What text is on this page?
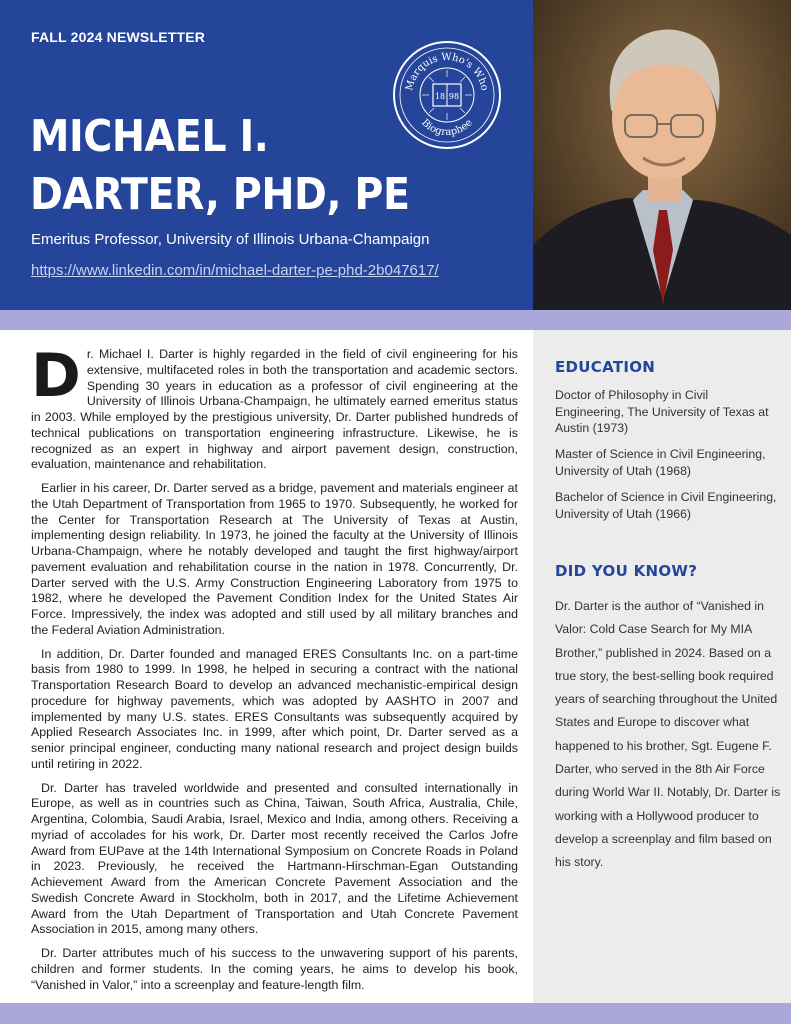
FALL 2024 NEWSLETTER
MICHAEL I.
DARTER, PHD, PE
Emeritus Professor, University of Illinois Urbana-Champaign
https://www.linkedin.com/in/michael-darter-pe-phd-2b047617/
18 98
Marquis Who's Who
Biographee

Dr. Michael I. Darter is highly regarded in the field of civil engineering for his extensive, multifaceted roles in both the transportation and academic sectors. Spending 30 years in education as a professor of civil engineering at the University of Illinois Urbana-Champaign, he ultimately earned emeritus status in 2003. While employed by the prestigious university, Dr. Darter published hundreds of technical publications on transportation engineering infrastructure. Likewise, he is recognized as an expert in highway and airport pavement design, construction, evaluation, maintenance and rehabilitation.

Earlier in his career, Dr. Darter served as a bridge, pavement and materials engineer at the Utah Department of Transportation from 1965 to 1970. Subsequently, he worked for the Center for Transportation Research at The University of Texas at Austin, implementing design reliability. In 1973, he joined the faculty at the University of Illinois Urbana-Champaign, where he notably developed and taught the first highway/airport pavement evaluation and rehabilitation course in the nation in 1978. Concurrently, Dr. Darter served with the U.S. Army Construction Engineering Laboratory from 1975 to 1982, where he developed the Pavement Condition Index for the United States Air Force. Impressively, the index was adopted and still used by all military branches and the Federal Aviation Administration.

In addition, Dr. Darter founded and managed ERES Consultants Inc. on a part-time basis from 1980 to 1999. In 1998, he helped in securing a contract with the national Transportation Research Board to develop an advanced mechanistic-empirical design procedure for highway pavements, which was adopted by AASHTO in 2007 and implemented by many U.S. states. ERES Consultants was subsequently acquired by Applied Research Associates Inc. in 1999, after which point, Dr. Darter served as a senior principal engineer, conducting many national research and project design builds until retiring in 2022.

Dr. Darter has traveled worldwide and presented and consulted internationally in Europe, as well as in countries such as China, Taiwan, South Africa, Australia, Chile, Argentina, Colombia, Saudi Arabia, Israel, Mexico and India, among others. Receiving a myriad of accolades for his work, Dr. Darter most recently received the Carlos Jofre Award from EUPave at the 14th International Symposium on Concrete Roads in Poland in 2023. Previously, he received the Hartmann-Hirschman-Egan Outstanding Achievement Award from the American Concrete Pavement Association and the Swedish Concrete Award in Stockholm, both in 2017, and the Lifetime Achievement Award from the Utah Department of Transportation and Utah Concrete Pavement Association in 2015, among many others.

Dr. Darter attributes much of his success to the unwavering support of his parents, children and former students. In the coming years, he aims to develop his book, “Vanished in Valor,” into a screenplay and feature-length film.

EDUCATION
Doctor of Philosophy in Civil Engineering, The University of Texas at Austin (1973)
Master of Science in Civil Engineering, University of Utah (1968)
Bachelor of Science in Civil Engineering, University of Utah (1966)
DID YOU KNOW?
Dr. Darter is the author of “Vanished in Valor: Cold Case Search for My MIA Brother,” published in 2024. Based on a true story, the best-selling book required years of searching throughout the United States and Europe to discover what happened to his brother, Sgt. Eugene F. Darter, who served in the 8th Air Force during World War II. Notably, Dr. Darter is working with a Hollywood producer to develop a screenplay and film based on his story.
